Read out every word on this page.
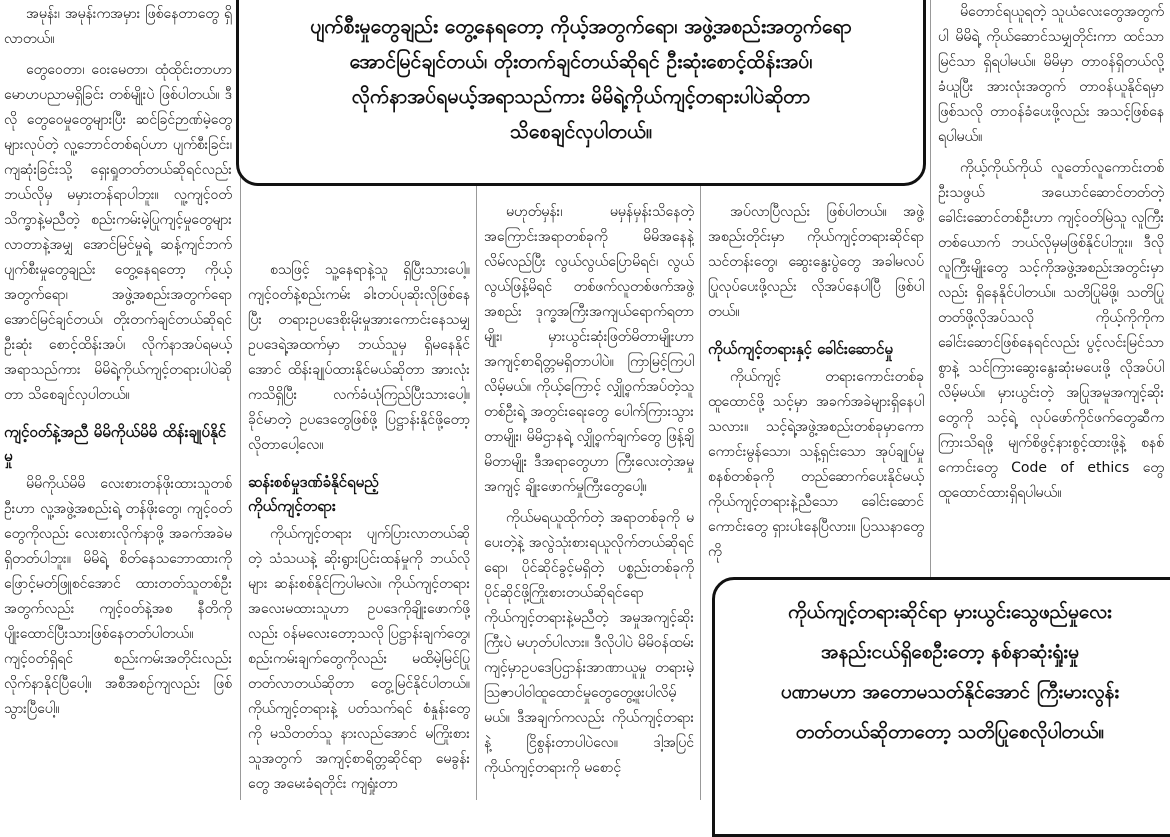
အမုန်း၊ အမုန်းကအမှား ဖြစ်နေတာတွေ ရှိလာတယ်။

တွေဝေတာ၊ ဝေးမေတာ၊ ထုံထိုင်းတာဟာ မောဟပညာမရှိခြင်း တစ်မျိုးပဲ ဖြစ်ပါတယ်။ ဒီလို တွေဝေမှုတွေများပြီး ဆင်ခြင်ဉာဏ်မဲ့တွေများလုပ်တဲ့ လူ့ဘောင်တစ်ရပ်ဟာ ပျက်စီးခြင်း၊ ကျဆုံးခြင်းသို့ ရှေးရှုတတ်တယ်ဆိုရင်လည်း ဘယ်လိုမှ မမှားတန်ရာပါဘူး။ လူ့ကျင့်ဝတ်သိက္ခာနဲ့မညီတဲ့ စည်းကမ်းမဲ့ပြုကျင့်မှုတွေများလာတာနဲ့အမျှ အောင်မြင်မှုရဲ့ ဆန့်ကျင်ဘက် ပျက်စီးမှုတွေချည်း တွေ့နေရတော့ ကိုယ့်အတွက်ရော၊ အဖွဲ့အစည်းအတွက်ရော အောင်မြင်ချင်တယ်၊ တိုးတက်ချင်တယ်ဆိုရင် ဦးဆုံး စောင့်ထိန်းအပ်၊ လိုက်နာအပ်ရမယ့်အရာသည်ကား မိမိရဲ့ကိုယ်ကျင့်တရားပါပဲဆိုတာ သိစေချင်လှပါတယ်။

ကျင့်ဝတ်နဲ့အညီ မိမိကိုယ်မိမိ ထိန်းချုပ်နိုင်မှု

မိမိကိုယ်မိမိ လေးစားတန်ဖိုးထားသူတစ်ဦးဟာ လူ့အဖွဲ့အစည်းရဲ့ တန်ဖိုးတွေ၊ ကျင့်ဝတ်တွေကိုလည်း လေးစားလိုက်နာဖို့ အခက်အခဲမရှိတတ်ပါဘူး။ မိမိရဲ့ စိတ်နေသဘောထားကို ဖြောင့်မတ်ဖြူစင်အောင် ထားတတ်သူတစ်ဦးအတွက်လည်း ကျင့်ဝတ်နဲ့အစ နီတိကိုပျိုးထောင်ပြီးသားဖြစ်နေတတ်ပါတယ်။ ကျင့်ဝတ်ရှိရင် စည်းကမ်းအတိုင်းလည်း လိုက်နာနိုင်ပြီပေါ့။ အစီအစဉ်ကျလည်း ဖြစ်သွားပြီပေါ့။

စသဖြင့် သူ့နေရာနဲ့သူ ရှိပြီးသားပေါ့။ ကျင့်ဝတ်နဲ့စည်းကမ်း ခါးတပ်ပုဆိုးလိုဖြစ်နေပြီး တရားဥပဒေစိုးမိုးမှုအားကောင်းနေသမျှ ဥပဒေရဲ့အထက်မှာ ဘယ်သူမှ ရှိမနေနိုင်အောင် ထိန်းချုပ်ထားနိုင်မယ်ဆိုတာ အားလုံးကသိရှိပြီး လက်ခံယုံကြည်ပြီးသားပေါ့။ ခိုင်မာတဲ့ ဥပဒေတွေဖြစ်ဖို့ ပြဋ္ဌာန်းနိုင်ဖို့တော့ လိုတာပေါ့လေ။

ဆန်းစစ်မှုဒဏ်ခံနိုင်ရမည့် ကိုယ်ကျင့်တရား

ကိုယ်ကျင့်တရား ပျက်ပြားလာတယ်ဆိုတဲ့ သံသယနဲ့ ဆိုးရွားပြင်းထန်မှုကို ဘယ်လိုများ ဆန်းစစ်နိုင်ကြပါမလဲ။ ကိုယ်ကျင့်တရား အလေးမထားသူဟာ ဥပဒေကိုချိုးဖောက်ဖို့လည်း ဝန်မလေးတော့သလို ပြဋ္ဌာန်းချက်တွေ၊ စည်းကမ်းချက်တွေကိုလည်း မထိမဲ့မြင်ပြုတတ်လာတယ်ဆိုတာ တွေ့မြင်နိုင်ပါတယ်။ ကိုယ်ကျင့်တရားနဲ့ ပတ်သက်ရင် စံနှုန်းတွေကို မသိတတ်သူ နားလည်အောင် မကြိုးစားသူအတွက် အကျင့်စာရိတ္တဆိုင်ရာ မေခွန်းတွေ အမေးခံရတိုင်း ကျရှုံးတာ

မဟုတ်မှန်း၊ မမှန်မှန်းသိနေတဲ့ အကြောင်းအရာတစ်ခုကို မိမိအနေနဲ့ လိမ်လည်ပြီး လွယ်လွယ်ပြောမိရင်၊ လွယ်လွယ်ဖြန့်မိရင် တစ်ဖက်လူတစ်ဖက်အဖွဲ့အစည်း ဒုက္ခအကြီးအကျယ်ရောက်ရတာမျိုး၊ မှားယွင်းဆုံးဖြတ်မိတာမျိုးဟာ အကျင့်စာရိတ္တမရှိတာပါပဲ။ ကြာမြင့်ကြပါလိမ့်မယ်။ ကိုယ့်ကြောင့် လျှို့ဝှက်အပ်တဲ့သူတစ်ဦးရဲ့ အတွင်းရေးတွေ ပေါက်ကြားသွားတာမျိုး၊ မိမိဌာနရဲ့ လျှို့ဝှက်ချက်တွေ ဖြန့်ချိမိတာမျိုး ဒီအရာတွေဟာ ကြီးလေးတဲ့အမှုအကျင့် ချိုးဖောက်မှုကြီးတွေပေါ့။

ကိုယ်မရယူထိုက်တဲ့ အရာတစ်ခုကို မပေးတဲ့နဲ့ အလွဲသုံးစားရယူလိုက်တယ်ဆိုရင်ရော၊ ပိုင်ဆိုင်ခွင့်မရှိတဲ့ ပစ္စည်းတစ်ခုကို ပိုင်ဆိုင်ဖို့ကြိုးစားတယ်ဆိုရင်ရော ကိုယ်ကျင့်တရားနဲ့မညီတဲ့ အမှုအကျင့်ဆိုးကြီးပဲ မဟုတ်ပါလား။ ဒီလိုပါပဲ မိမိဝန်ထမ်းကျင့်မှာဥပဒေပြဌာန်းအာဏာယူမှု တရားမဲ့ဩဇာပါဝါထူထောင်မှုတွေတွေ့ဖူးပါလိမ့်မယ်။ ဒီအချက်ကလည်း ကိုယ်ကျင့်တရားနဲ့ ငြိစွန်းတာပါပဲလေ။ ဒါ့အပြင် ကိုယ်ကျင့်တရားကို မစောင့်

အပ်လာပြီလည်း ဖြစ်ပါတယ်။ အဖွဲ့အစည်းတိုင်းမှာ ကိုယ်ကျင့်တရားဆိုင်ရာ သင်တန်းတွေ၊ ဆွေးနွေးပွဲတွေ အခါမလပ် ပြုလုပ်ပေးဖို့လည်း လိုအပ်နေပါပြီ ဖြစ်ပါတယ်။

ကိုယ်ကျင့်တရားနှင့် ခေါင်းဆောင်မှု

ကိုယ်ကျင့် တရားကောင်းတစ်ခု ထူထောင်ဖို့ သင့်မှာ အခက်အခဲများရှိနေပါသလား။ သင့်ရဲ့အဖွဲ့အစည်းတစ်ခုမှာကော ကောင်းမွန်သော၊ သန့်ရှင်းသော အုပ်ချုပ်မှုစနစ်တစ်ခုကို တည်ဆောက်ပေးနိုင်မယ့် ကိုယ်ကျင့်တရားနဲ့ညီသော ခေါင်းဆောင်ကောင်းတွေ ရှားပါးနေပြီလား။ ပြဿနာတွေကို

မိတောင်ရယူရတဲ့ သူယံလေးတွေအတွက် ပါ မိမိရဲ့ ကိုယ်ဆောင်သမျှတိုင်းကာ ထင်သာ မြင်သာ ရှိရပါမယ်။ မိမိမှာ တာဝန်ရှိတယ်လို့ ခံယူပြီး အားလုံးအတွက် တာဝန်ယူနိုင်ရမှာ ဖြစ်သလို တာဝန်ခံပေးဖို့လည်း အသင့်ဖြစ်နေရပါမယ်။

ကိုယ့်ကိုယ်ကိုယ် လူတော်လူကောင်းတစ်ဦးသဖွယ် အယောင်ဆောင်တတ်တဲ့ ခေါင်းဆောင်တစ်ဦးဟာ ကျင့်ဝတ်မြဲသူ လူကြီးတစ်ယောက် ဘယ်လိုမှမဖြစ်နိုင်ပါဘူး။ ဒီလိုလူကြီးမျိုးတွေ သင့်ကိုအဖွဲ့အစည်းအတွင်းမှာလည်း ရှိနေနိုင်ပါတယ်။ သတိပြုမိဖို့၊ သတိပြုတတ်ဖို့လိုအပ်သလို ကိုယ့်ကိုကိုက ခေါင်းဆောင်ဖြစ်နေရင်လည်း ပွင့်လင်းမြင်သာစွာနဲ့ သင်ကြားဆွေးနွေးဆုံးမပေးဖို့ လိုအပ်ပါလိမ့်မယ်။ မှားယွင်းတဲ့ အပြုအမူအကျင့်ဆိုးတွေကို သင့်ရဲ့ လုပ်ဖော်ကိုင်ဖက်တွေဆီက ကြားသိရဖို့ မျက်စိဖွင့်နားစွင့်ထားဖို့နဲ့ စနစ်ကောင်းတွေ Code of ethics တွေ ထူထောင်ထားရှိရပါမယ်။

ပျက်စီးမှုတွေချည်း တွေ့နေရတော့ ကိုယ့်အတွက်ရော၊ အဖွဲ့အစည်းအတွက်ရော
အောင်မြင်ချင်တယ်၊ တိုးတက်ချင်တယ်ဆိုရင် ဦးဆုံးစောင့်ထိန်းအပ်၊
လိုက်နာအပ်ရမယ့်အရာသည်ကား မိမိရဲ့ကိုယ်ကျင့်တရားပါပဲဆိုတာ
သိစေချင်လှပါတယ်။
ကိုယ်ကျင့်တရားဆိုင်ရာ မှားယွင်းသွေဖည်မှုလေး
အနည်းငယ်ရှိစေဦးတော့ နစ်နာဆုံးရှုံးမှု
ပဏာမဟာ အတောမသတ်နိုင်အောင် ကြီးမားလွန်း
တတ်တယ်ဆိုတာတော့ သတိပြုစေလိုပါတယ်။
